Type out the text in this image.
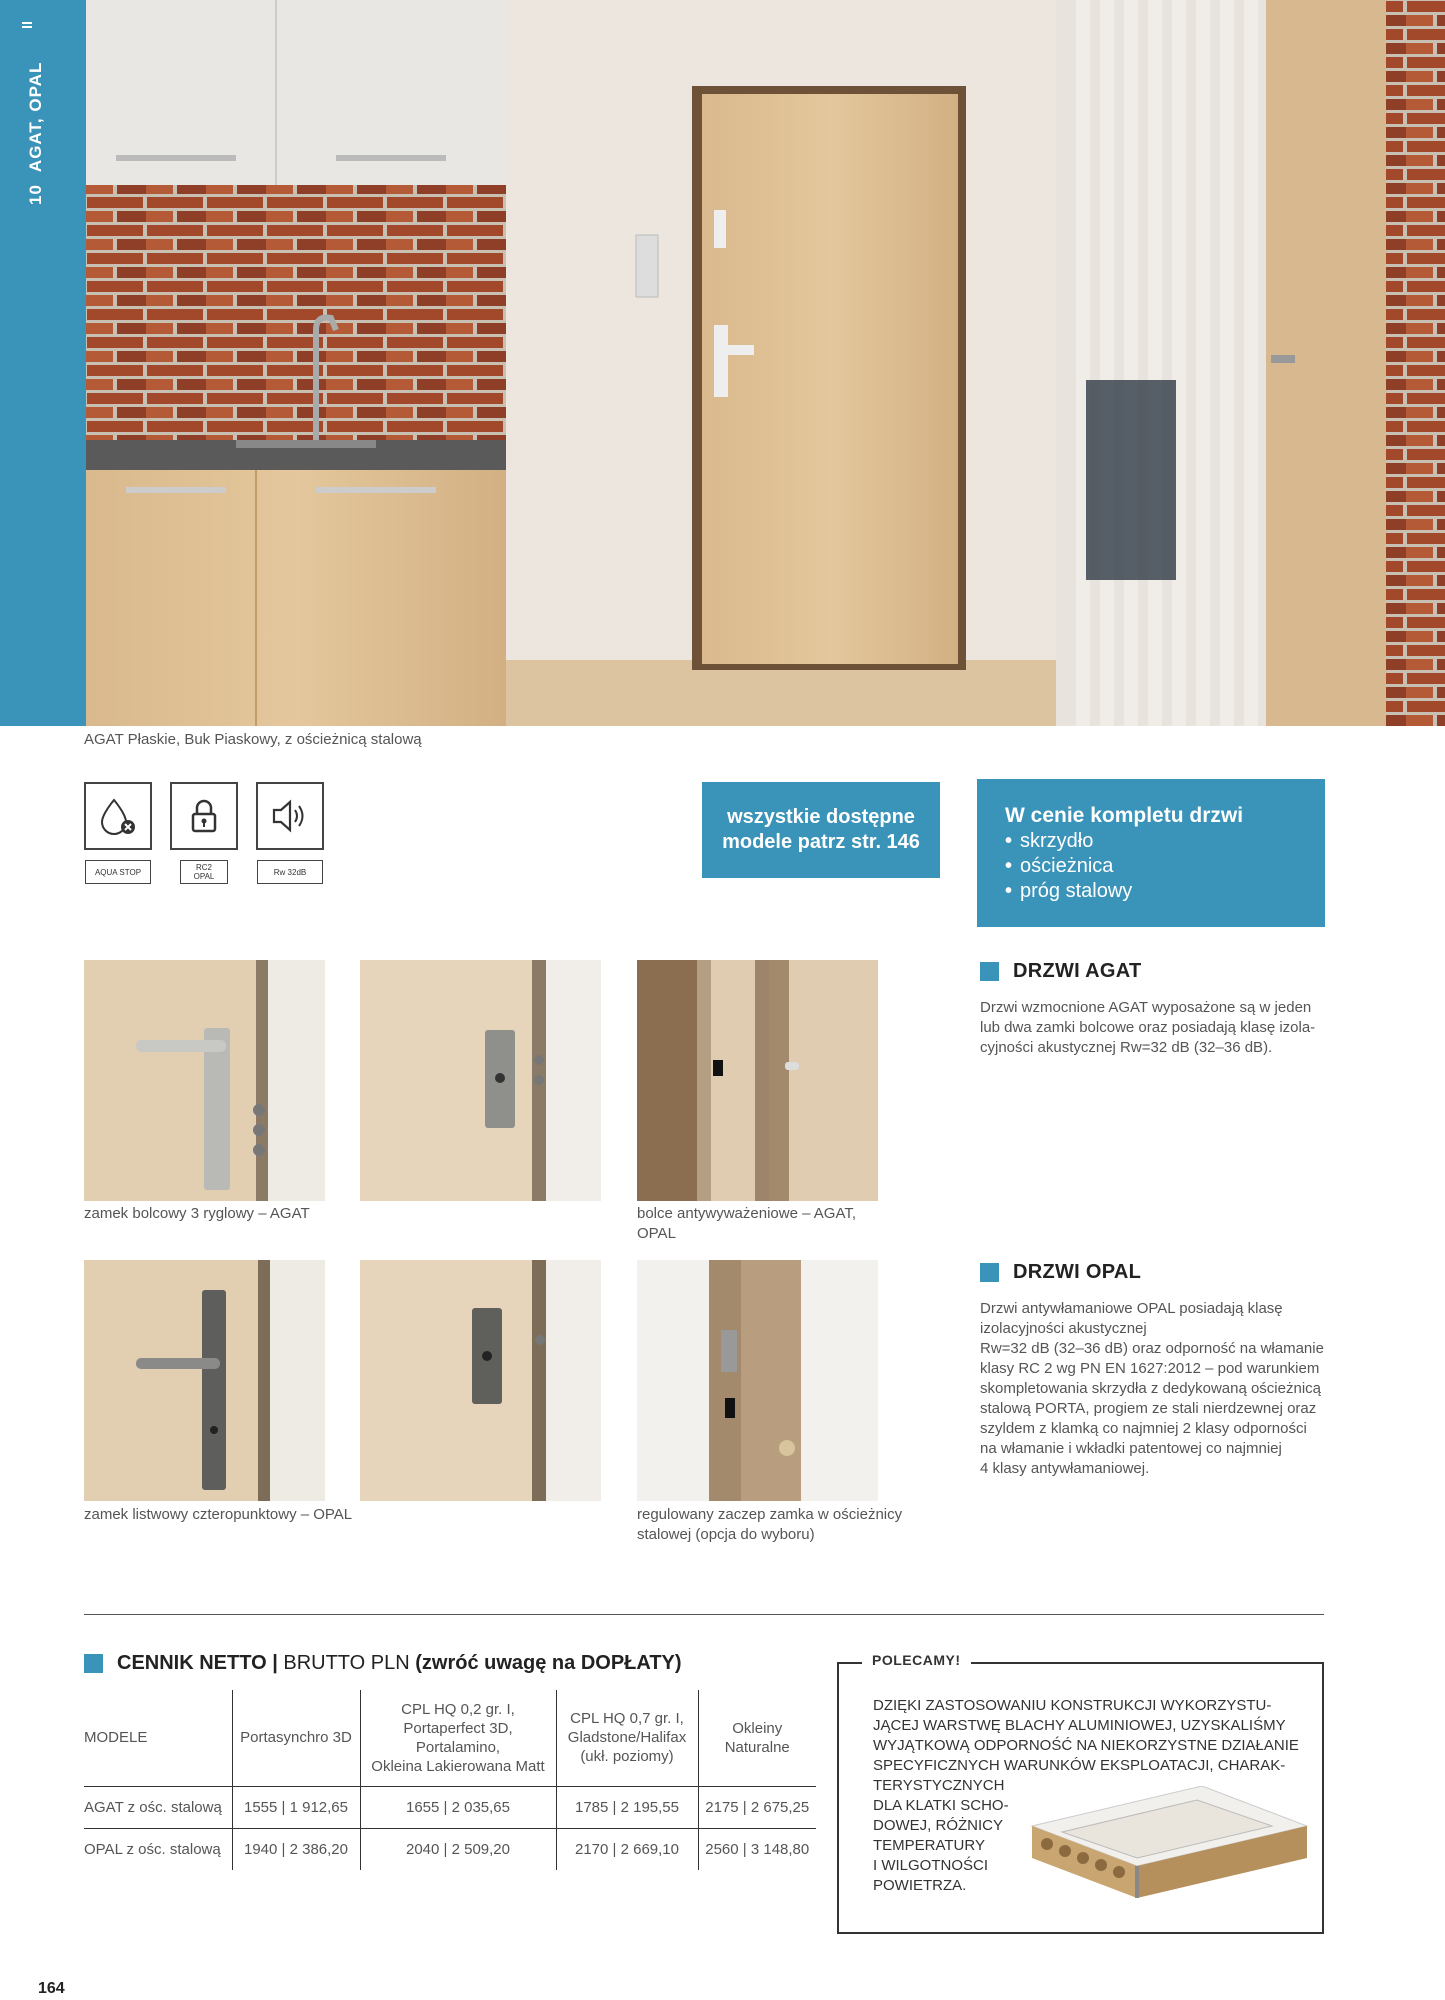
10AGAT, OPAL
AGAT Płaskie, Buk Piaskowy, z ościeżnicą stalową
AQUA STOP	RC2
OPAL	Rw 32dB
wszystkie dostępne
modele patrz str. 146
W cenie kompletu drzwi
• skrzydło
• ościeżnica
• próg stalowy
zamek bolcowy 3 ryglowy – AGAT	bolce antywyważeniowe – AGAT,
OPAL
zamek listwowy czteropunktowy – OPAL	regulowany zaczep zamka w ościeżnicy
stalowej (opcja do wyboru)
DRZWI AGAT
Drzwi wzmocnione AGAT wyposażone są w jeden
lub dwa zamki bolcowe oraz posiadają klasę izola-
cyjności akustycznej Rw=32 dB (32–36 dB).
DRZWI OPAL
Drzwi antywłamaniowe OPAL posiadają klasę
izolacyjności akustycznej
Rw=32 dB (32–36 dB) oraz odporność na włamanie
klasy RC 2 wg PN EN 1627:2012 – pod warunkiem
skompletowania skrzydła z dedykowaną ościeżnicą
stalową PORTA, progiem ze stali nierdzewnej oraz
szyldem z klamką co najmniej 2 klasy odporności
na włamanie i wkładki patentowej co najmniej
4 klasy antywłamaniowej.
CENNIK NETTO | BRUTTO PLN (zwróć uwagę na DOPŁATY)
MODELE	Portasynchro 3D	CPL HQ 0,2 gr. I,
Portaperfect 3D,
Portalamino,
Okleina Lakierowana Matt	CPL HQ 0,7 gr. I,
Gladstone/Halifax
(ukł. poziomy)	Okleiny
Naturalne
AGAT z ośc. stalową	1555 | 1 912,65	1655 | 2 035,65	1785 | 2 195,55	2175 | 2 675,25
OPAL z ośc. stalową	1940 | 2 386,20	2040 | 2 509,20	2170 | 2 669,10	2560 | 3 148,80
POLECAMY!
DZIĘKI ZASTOSOWANIU KONSTRUKCJI WYKORZYSTU-
JĄCEJ WARSTWĘ BLACHY ALUMINIOWEJ, UZYSKALIŚMY
WYJĄTKOWĄ ODPORNOŚĆ NA NIEKORZYSTNE DZIAŁANIE
SPECYFICZNYCH WARUNKÓW EKSPLOATACJI, CHARAK-
TERYSTYCZNYCH
DLA KLATKI SCHO-
DOWEJ, RÓŻNICY
TEMPERATURY
I WILGOTNOŚCI
POWIETRZA.
164
